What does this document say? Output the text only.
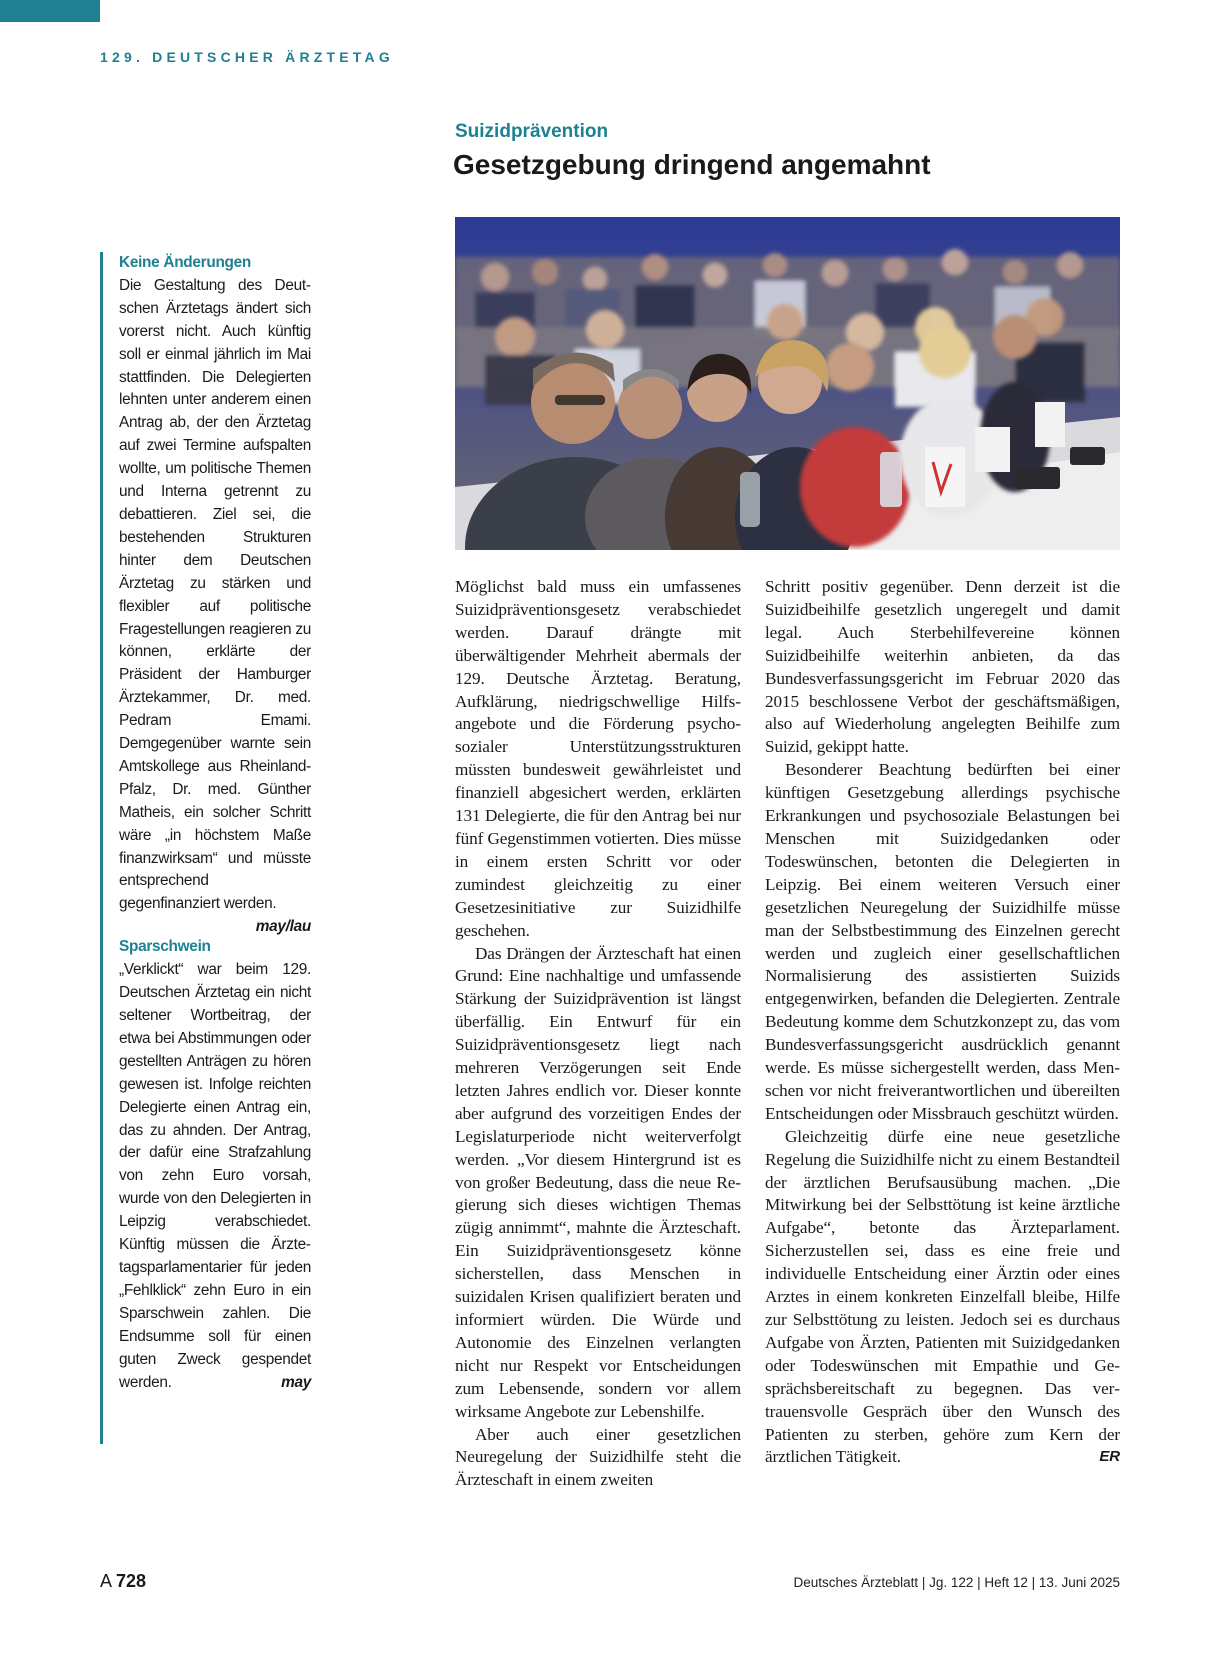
129. DEUTSCHER ÄRZTETAG
Suizidprävention
Gesetzgebung dringend angemahnt

Keine Änderungen

Die Gestaltung des Deutschen Ärztetags ändert sich vorerst nicht. Auch künftig soll er einmal jährlich im Mai stattfinden. Die Delegierten lehnten unter anderem einen Antrag ab, der den Ärztetag auf zwei Termine aufspalten wollte, um politische Themen und Interna getrennt zu debattieren. Ziel sei, die bestehenden Strukturen hinter dem Deutschen Ärztetag zu stärken und flexibler auf politische Fragestellungen reagieren zu können, erklärte der Präsident der Hamburger Ärztekammer, Dr. med. Pedram Emami. Demgegenüber warnte sein Amtskollege aus Rheinland-Pfalz, Dr. med. Günther Matheis, ein solcher Schritt wäre „in höchstem Maße finanzwirksam“ und müsste entsprechend gegenfinanziert werden.
may/lau

Sparschwein

„Verklickt“ war beim 129. Deutschen Ärztetag ein nicht seltener Wortbeitrag, der etwa bei Abstimmungen oder gestellten Anträgen zu hören gewesen ist. Infolge reichten Delegierte einen Antrag ein, das zu ahnden. Der Antrag, der dafür eine Strafzahlung von zehn Euro vorsah, wurde von den Delegierten in Leipzig verabschiedet. Künftig müssen die Ärztetagsparlamentarier für jeden „Fehlklick“ zehn Euro in ein Sparschwein zahlen. Die Endsumme soll für einen guten Zweck gespendet werden.	may

Möglichst bald muss ein umfassenes Suizidpräventionsgesetz verabschiedet werden. Darauf drängte mit überwältigender Mehrheit abermals der 129. Deutsche Ärztetag. Beratung, Aufklärung, niedrigschwellige Hilfsangebote und die Förderung psychosozialer Unterstützungsstrukturen müssten bundesweit gewährleistet und finanziell abgesichert werden, erklärten 131 Delegierte, die für den Antrag bei nur fünf Gegenstimmen votierten. Dies müsse in einem ersten Schritt vor oder zumindest gleichzeitig zu einer Gesetzesinitiative zur Suizidhilfe geschehen.

Das Drängen der Ärzteschaft hat einen Grund: Eine nachhaltige und umfassende Stärkung der Suizidprävention ist längst überfällig. Ein Entwurf für ein Suizidpräventionsgesetz liegt nach mehreren Verzögerungen seit Ende letzten Jahres endlich vor. Dieser konnte aber aufgrund des vorzeitigen Endes der Legislaturperiode nicht weiterverfolgt werden. „Vor diesem Hintergrund ist es von großer Bedeutung, dass die neue Regierung sich dieses wichtigen Themas zügig annimmt“, mahnte die Ärzteschaft. Ein Suizidpräventionsgesetz könne sicherstellen, dass Menschen in suizidalen Krisen qualifiziert beraten und informiert würden. Die Würde und Autonomie des Einzelnen verlangten nicht nur Respekt vor Entscheidungen zum Lebensende, sondern vor allem wirksame Angebote zur Lebenshilfe.

Aber auch einer gesetzlichen Neuregelung der Suizidhilfe steht die Ärzteschaft in einem zweiten

Schritt positiv gegenüber. Denn derzeit ist die Suizidbeihilfe gesetzlich ungeregelt und damit legal. Auch Sterbehilfevereine können Suizidbeihilfe weiterhin anbieten, da das Bundesverfassungsgericht im Februar 2020 das 2015 beschlossene Verbot der geschäftsmäßigen, also auf Wiederholung angelegten Beihilfe zum Suizid, gekippt hatte.

Besonderer Beachtung bedürften bei einer künftigen Gesetzgebung allerdings psychische Erkrankungen und psychosoziale Belastungen bei Menschen mit Suizidgedanken oder Todeswünschen, betonten die Delegierten in Leipzig. Bei einem weiteren Versuch einer gesetzlichen Neuregelung der Suizidhilfe müsse man der Selbstbestimmung des Einzelnen gerecht werden und zugleich einer gesellschaftlichen Normalisierung des assistierten Suizids entgegenwirken, befanden die Delegierten. Zentrale Bedeutung komme dem Schutzkonzept zu, das vom Bundesverfassungsgericht ausdrücklich genannt werde. Es müsse sichergestellt werden, dass Menschen vor nicht freiverantwortlichen und übereilten Entscheidungen oder Missbrauch geschützt würden.

Gleichzeitig dürfe eine neue gesetzliche Regelung die Suizidhilfe nicht zu einem Bestandteil der ärztlichen Berufsausübung machen. „Die Mitwirkung bei der Selbsttötung ist keine ärztliche Aufgabe“, betonte das Ärzteparlament. Sicherzustellen sei, dass es eine freie und individuelle Entscheidung einer Ärztin oder eines Arztes in einem konkreten Einzelfall bleibe, Hilfe zur Selbsttötung zu leisten. Jedoch sei es durchaus Aufgabe von Ärzten, Patienten mit Suizidgedanken oder Todeswünschen mit Empathie und Gesprächsbereitschaft zu begegnen. Das vertrauensvolle Gespräch über den Wunsch des Patienten zu sterben, gehöre zum Kern der ärztlichen Tätigkeit.	ER

A 728	Deutsches Ärzteblatt | Jg. 122 | Heft 12 | 13. Juni 2025
